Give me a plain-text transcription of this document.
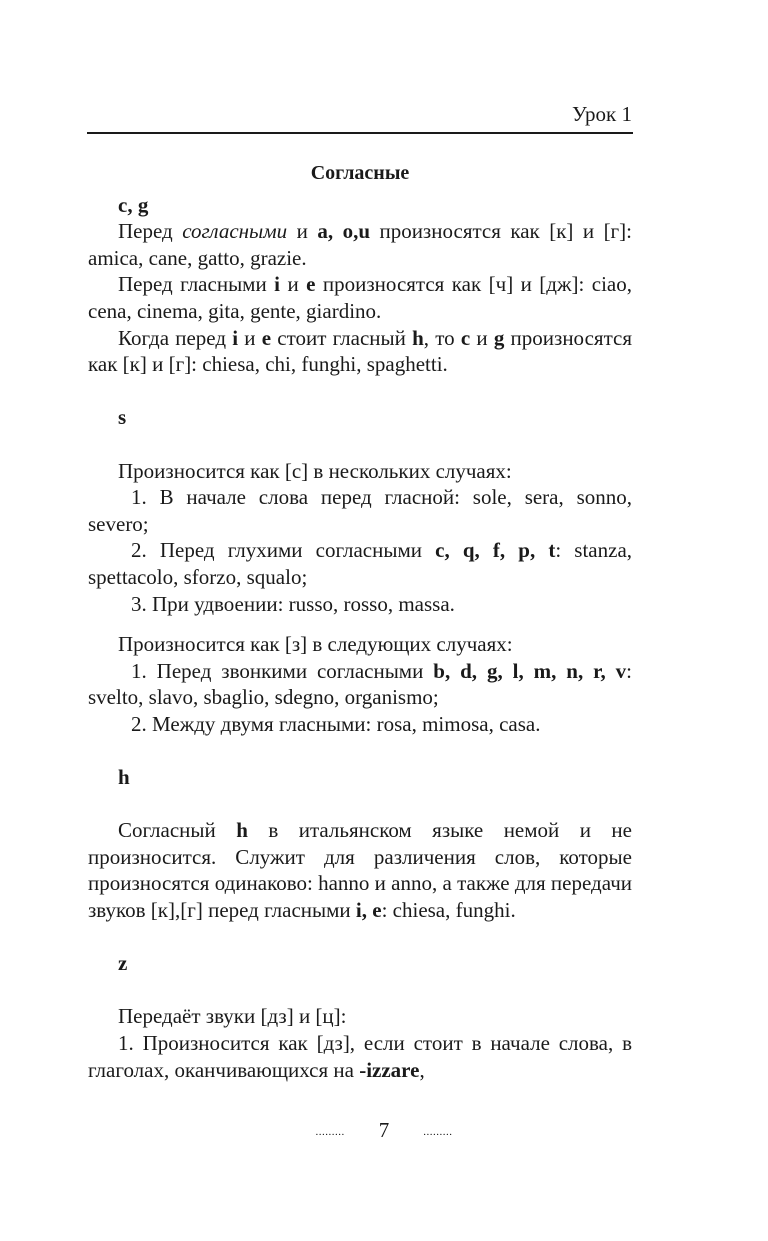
Урок 1
Согласные
c, g

Перед согласными и a, o,u произносятся как [к] и [г]: amica, cane, gatto, grazie.

Перед гласными i и e произносятся как [ч] и [дж]: ciao, cena, cinema, gita, gente, giardino.

Когда перед i и e стоит гласный h, то c и g произносятся как [к] и [г]: chiesa, chi, funghi, spaghetti.

s

Произносится как [с] в нескольких случаях:

1. В начале слова перед гласной: sole, sera, sonno, severo;

2. Перед глухими согласными c, q, f, p, t: stanza, spettacolo, sforzo, squalo;

3. При удвоении: russo, rosso, massa.

Произносится как [з] в следующих случаях:

1. Перед звонкими согласными b, d, g, l, m, n, r, v: svelto, slavo, sbaglio, sdegno, organismo;

2. Между двумя гласными: rosa, mimosa, casa.

h

Согласный h в итальянском языке немой и не произносится. Служит для различения слов, которые произносятся одинаково: hanno и anno, а также для передачи звуков [к],[г] перед гласными i, e: chiesa, funghi.

z

Передаёт звуки [дз] и [ц]:

1. Произносится как [дз], если стоит в начале слова, в глаголах, оканчивающихся на -izzare,

......... 7	.........
